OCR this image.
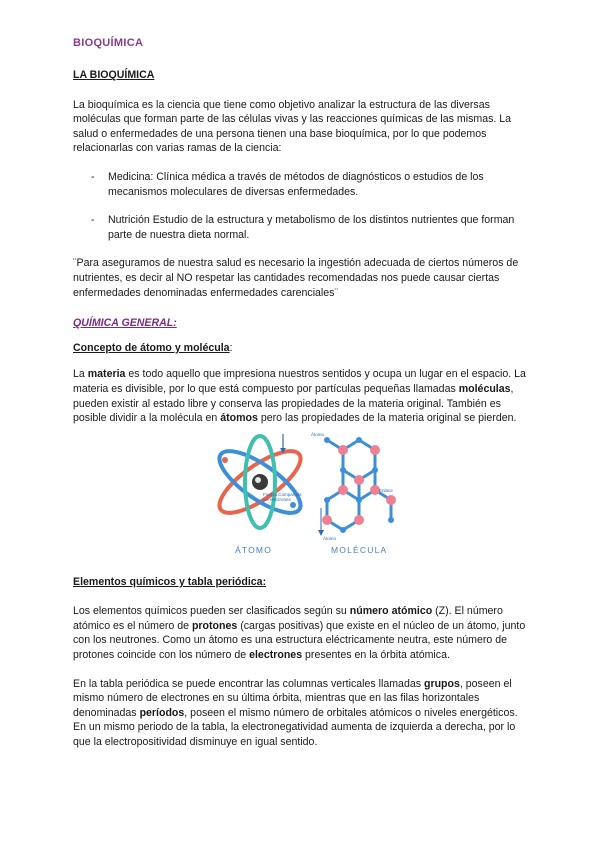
BIOQUÍMICA

LA BIOQUÍMICA

La bioquímica es la ciencia que tiene como objetivo analizar la estructura de las diversas moléculas que forman parte de las células vivas y las reacciones químicas de las mismas. La salud o enfermedades de una persona tienen una base bioquímica, por lo que podemos relacionarlas con varias ramas de la ciencia:

- Medicina: Clínica médica a través de métodos de diagnósticos o estudios de los mecanismos moleculares de diversas enfermedades.
- Nutrición Estudio de la estructura y metabolismo de los distintos nutrientes que forman parte de nuestra dieta normal.

¨Para aseguramos de nuestra salud es necesario la ingestión adecuada de ciertos números de nutrientes, es decir al NO respetar las cantidades recomendadas nos puede causar ciertas enfermedades denominadas enfermedades carenciales¨

QUÍMICA GENERAL:

Concepto de átomo y molécula:

La materia es todo aquello que impresiona nuestros sentidos y ocupa un lugar en el espacio. La materia es divisible, por lo que está compuesto por partículas pequeñas llamadas moléculas, pueden existir al estado libre y conserva las propiedades de la materia original. También es posible dividir a la molécula en átomos pero las propiedades de la materia original se pierden.

Fuerza Compartida los electrones
ÁTOMO
Átomo
Enlace
Átomo
MOLÉCULA

Elementos químicos y tabla periódica:

Los elementos químicos pueden ser clasificados según su número atómico (Z). El número atómico es el número de protones (cargas positivas) que existe en el núcleo de un átomo, junto con los neutrones. Como un átomo es una estructura eléctricamente neutra, este número de protones coincide con los número de electrones presentes en la órbita atómica.

En la tabla periódica se puede encontrar las columnas verticales llamadas grupos, poseen el mismo número de electrones en su última órbita, mientras que en las filas horizontales denominadas períodos, poseen el mismo número de orbitales atómicos o niveles energéticos. En un mismo periodo de la tabla, la electronegatividad aumenta de izquierda a derecha, por lo que la electropositividad disminuye en igual sentido.
